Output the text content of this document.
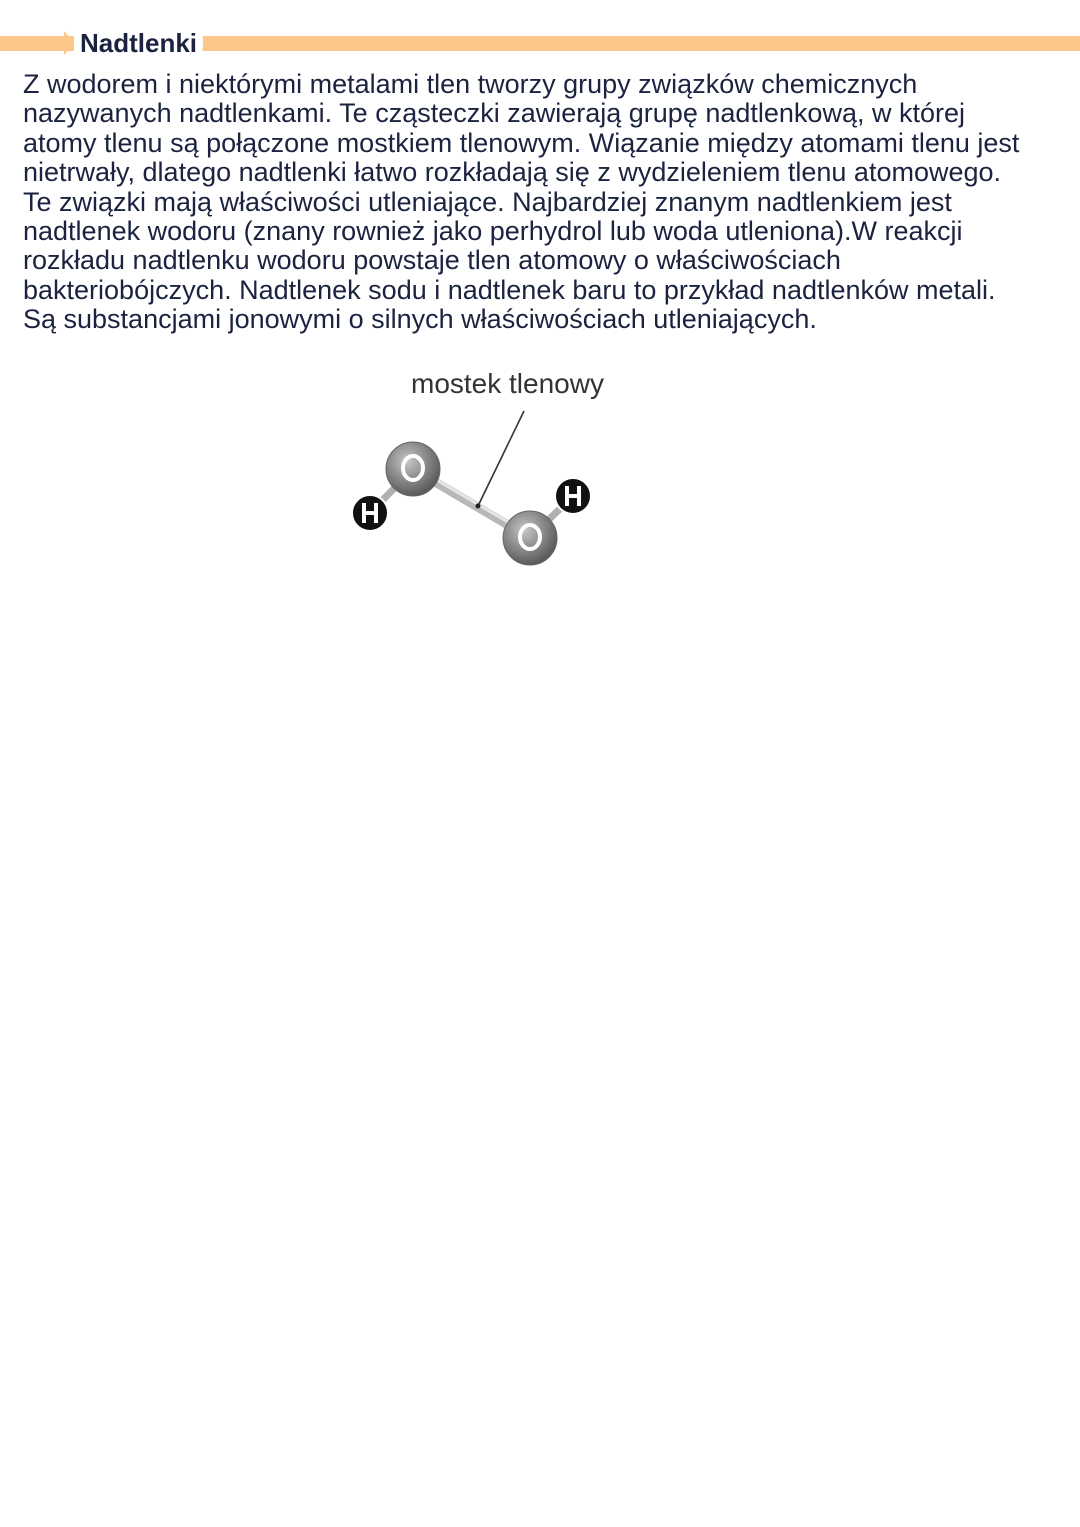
Nadtlenki

Z wodorem i niektórymi metalami tlen tworzy grupy związków chemicznych
nazywanych nadtlenkami. Te cząsteczki zawierają grupę nadtlenkową, w której
atomy tlenu są połączone mostkiem tlenowym. Wiązanie między atomami tlenu jest
nietrwały, dlatego nadtlenki łatwo rozkładają się z wydzieleniem tlenu atomowego.
Te związki mają właściwości utleniające. Najbardziej znanym nadtlenkiem jest
nadtlenek wodoru (znany rownież jako perhydrol lub woda utleniona).W reakcji
rozkładu nadtlenku wodoru powstaje tlen atomowy o właściwościach
bakteriobójczych. Nadtlenek sodu i nadtlenek baru to przykład nadtlenków metali.
Są substancjami jonowymi o silnych właściwościach utleniających.

mostek tlenowy
